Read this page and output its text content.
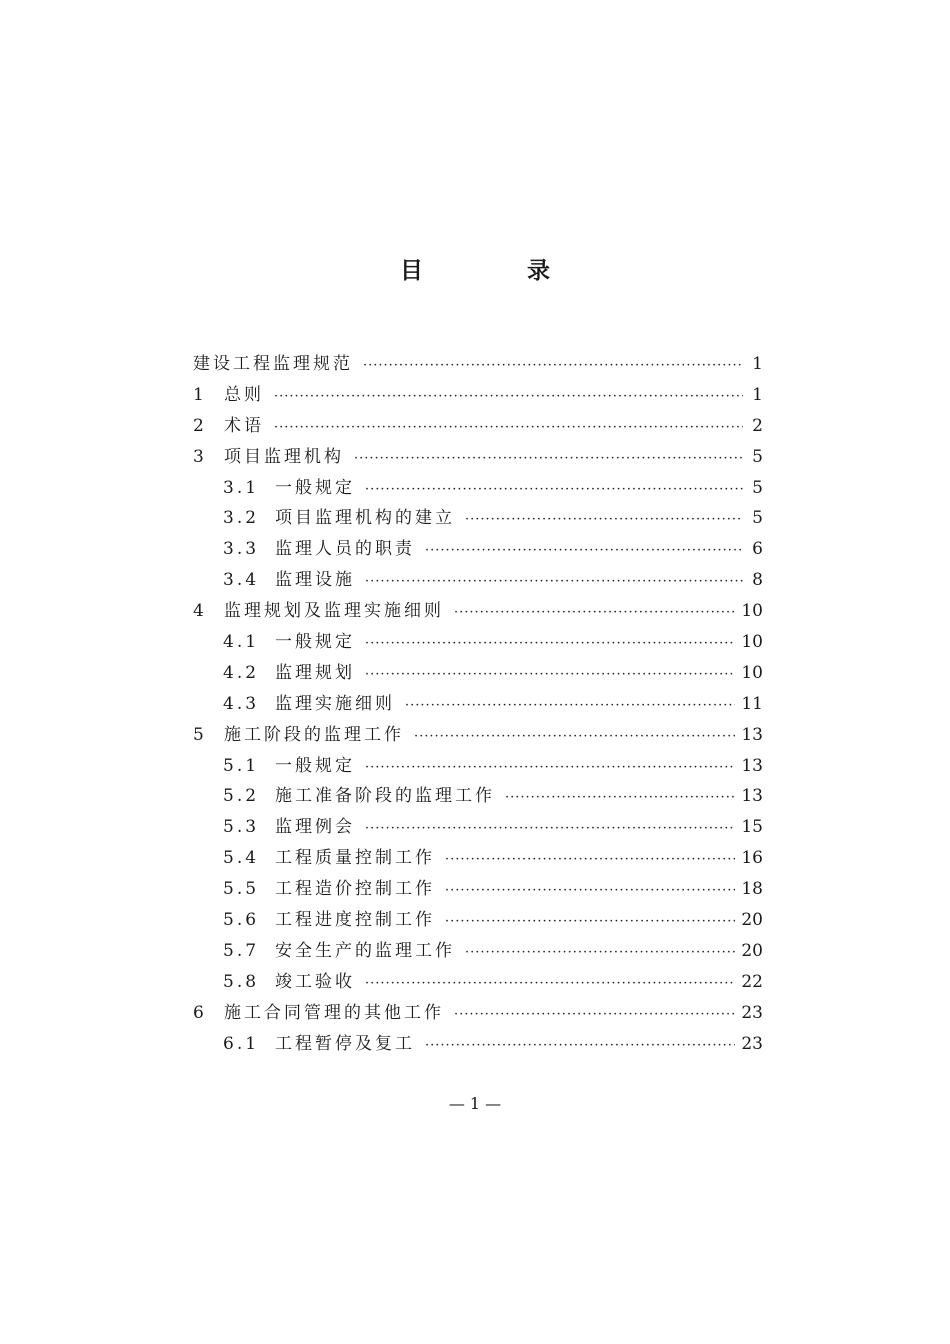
目 录
建设工程监理规范 ·····	1
1	总则 ·····	1
2	术语 ·····	2
3	项目监理机构 ·····	5
3.1 一般规定 ·····	5
3.2 项目监理机构的建立 ·····	5
3.3 监理人员的职责 ·····	6
3.4 监理设施 ·····	8
4	监理规划及监理实施细则 ·····	10
4.1 一般规定 ·····	10
4.2 监理规划 ·····	10
4.3 监理实施细则 ·····	11
5	施工阶段的监理工作 ·····	13
5.1 一般规定 ·····	13
5.2 施工准备阶段的监理工作 ·····	13
5.3 监理例会 ·····	15
5.4 工程质量控制工作 ·····	16
5.5 工程造价控制工作 ·····	18
5.6 工程进度控制工作 ·····	20
5.7 安全生产的监理工作 ·····	20
5.8 竣工验收 ·····	22
6	施工合同管理的其他工作 ·····	23
6.1 工程暂停及复工 ·····	23
— 1 —
